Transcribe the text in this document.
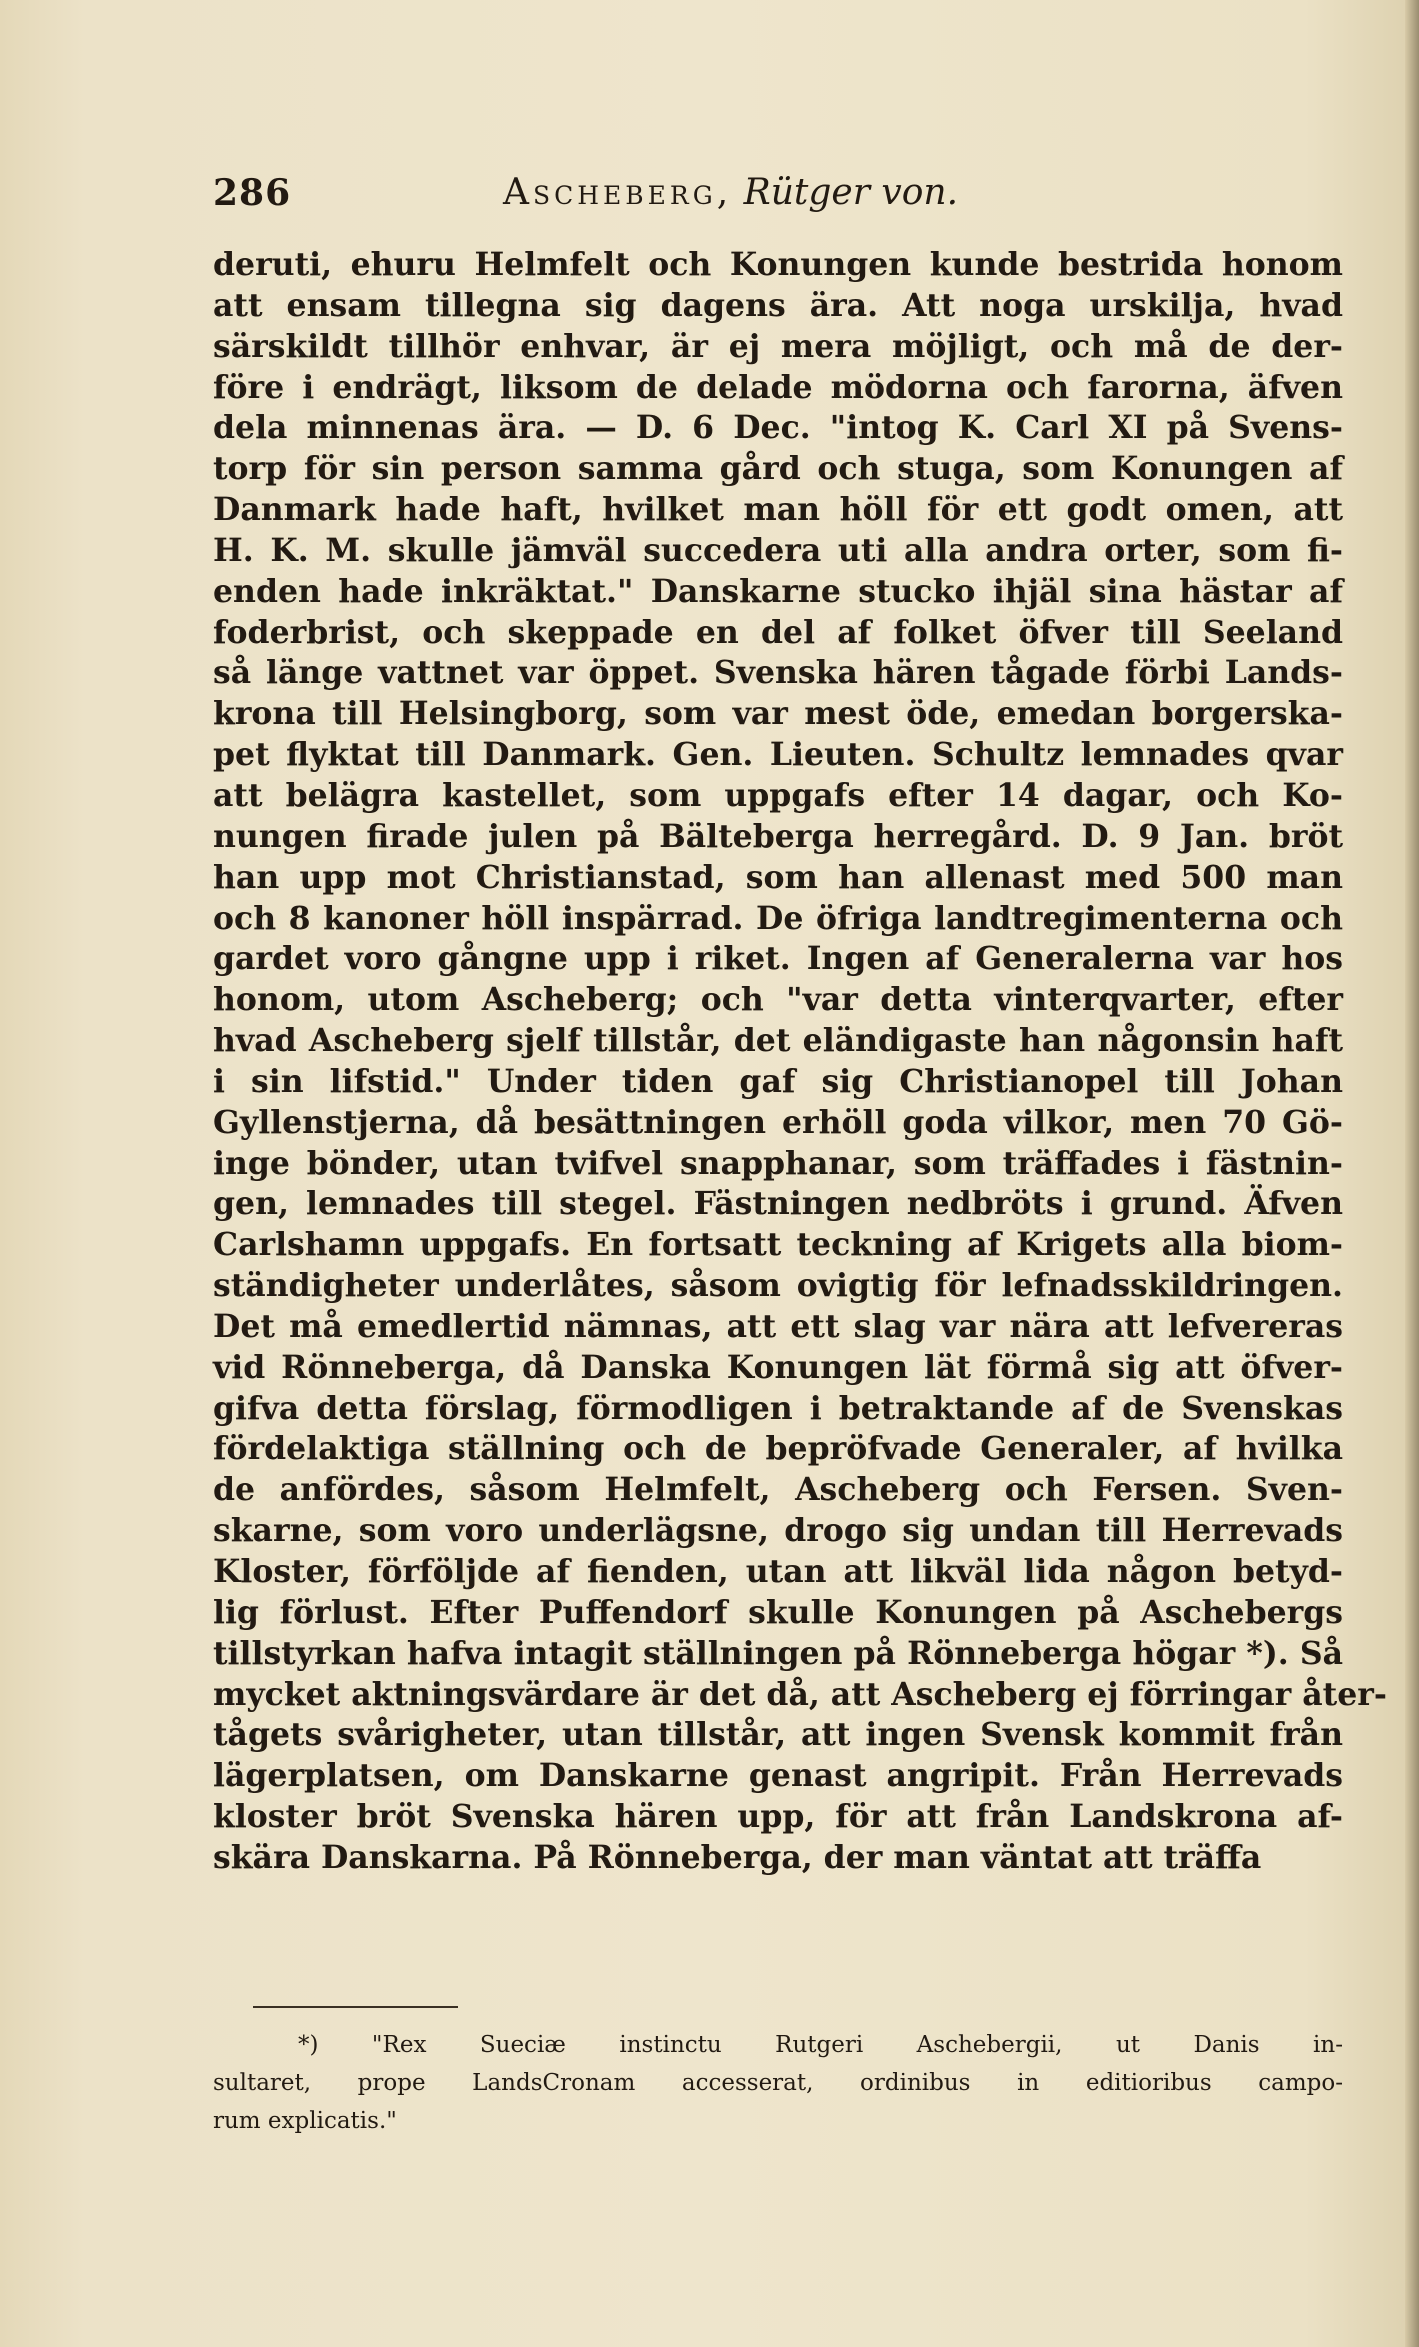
286	Ascheberg, Rütger von.
deruti, ehuru Helmfelt och Konungen kunde bestrida honom
att ensam tillegna sig dagens ära. Att noga urskilja, hvad
särskildt tillhör enhvar, är ej mera möjligt, och må de der-
före i endrägt, liksom de delade mödorna och farorna, äfven
dela minnenas ära. — D. 6 Dec. "intog K. Carl XI på Svens-
torp för sin person samma gård och stuga, som Konungen af
Danmark hade haft, hvilket man höll för ett godt omen, att
H. K. M. skulle jämväl succedera uti alla andra orter, som fi-
enden hade inkräktat." Danskarne stucko ihjäl sina hästar af
foderbrist, och skeppade en del af folket öfver till Seeland
så länge vattnet var öppet. Svenska hären tågade förbi Lands-
krona till Helsingborg, som var mest öde, emedan borgerska-
pet flyktat till Danmark. Gen. Lieuten. Schultz lemnades qvar
att belägra kastellet, som uppgafs efter 14 dagar, och Ko-
nungen firade julen på Bälteberga herregård. D. 9 Jan. bröt
han upp mot Christianstad, som han allenast med 500 man
och 8 kanoner höll inspärrad. De öfriga landtregimenterna och
gardet voro gångne upp i riket. Ingen af Generalerna var hos
honom, utom Ascheberg; och "var detta vinterqvarter, efter
hvad Ascheberg sjelf tillstår, det eländigaste han någonsin haft
i sin lifstid." Under tiden gaf sig Christianopel till Johan
Gyllenstjerna, då besättningen erhöll goda vilkor, men 70 Gö-
inge bönder, utan tvifvel snapphanar, som träffades i fästnin-
gen, lemnades till stegel. Fästningen nedbröts i grund. Äfven
Carlshamn uppgafs. En fortsatt teckning af Krigets alla biom-
ständigheter underlåtes, såsom ovigtig för lefnadsskildringen.
Det må emedlertid nämnas, att ett slag var nära att lefvereras
vid Rönneberga, då Danska Konungen lät förmå sig att öfver-
gifva detta förslag, förmodligen i betraktande af de Svenskas
fördelaktiga ställning och de bepröfvade Generaler, af hvilka
de anfördes, såsom Helmfelt, Ascheberg och Fersen. Sven-
skarne, som voro underlägsne, drogo sig undan till Herrevads
Kloster, förföljde af fienden, utan att likväl lida någon betyd-
lig förlust. Efter Puffendorf skulle Konungen på Aschebergs
tillstyrkan hafva intagit ställningen på Rönneberga högar *). Så
mycket aktningsvärdare är det då, att Ascheberg ej förringar åter-
tågets svårigheter, utan tillstår, att ingen Svensk kommit från
lägerplatsen, om Danskarne genast angripit. Från Herrevads
kloster bröt Svenska hären upp, för att från Landskrona af-
skära Danskarna. På Rönneberga, der man väntat att träffa
*) "Rex Sueciæ instinctu Rutgeri Aschebergii, ut Danis in-
sultaret, prope LandsCronam accesserat, ordinibus in editioribus campo-
rum explicatis."
